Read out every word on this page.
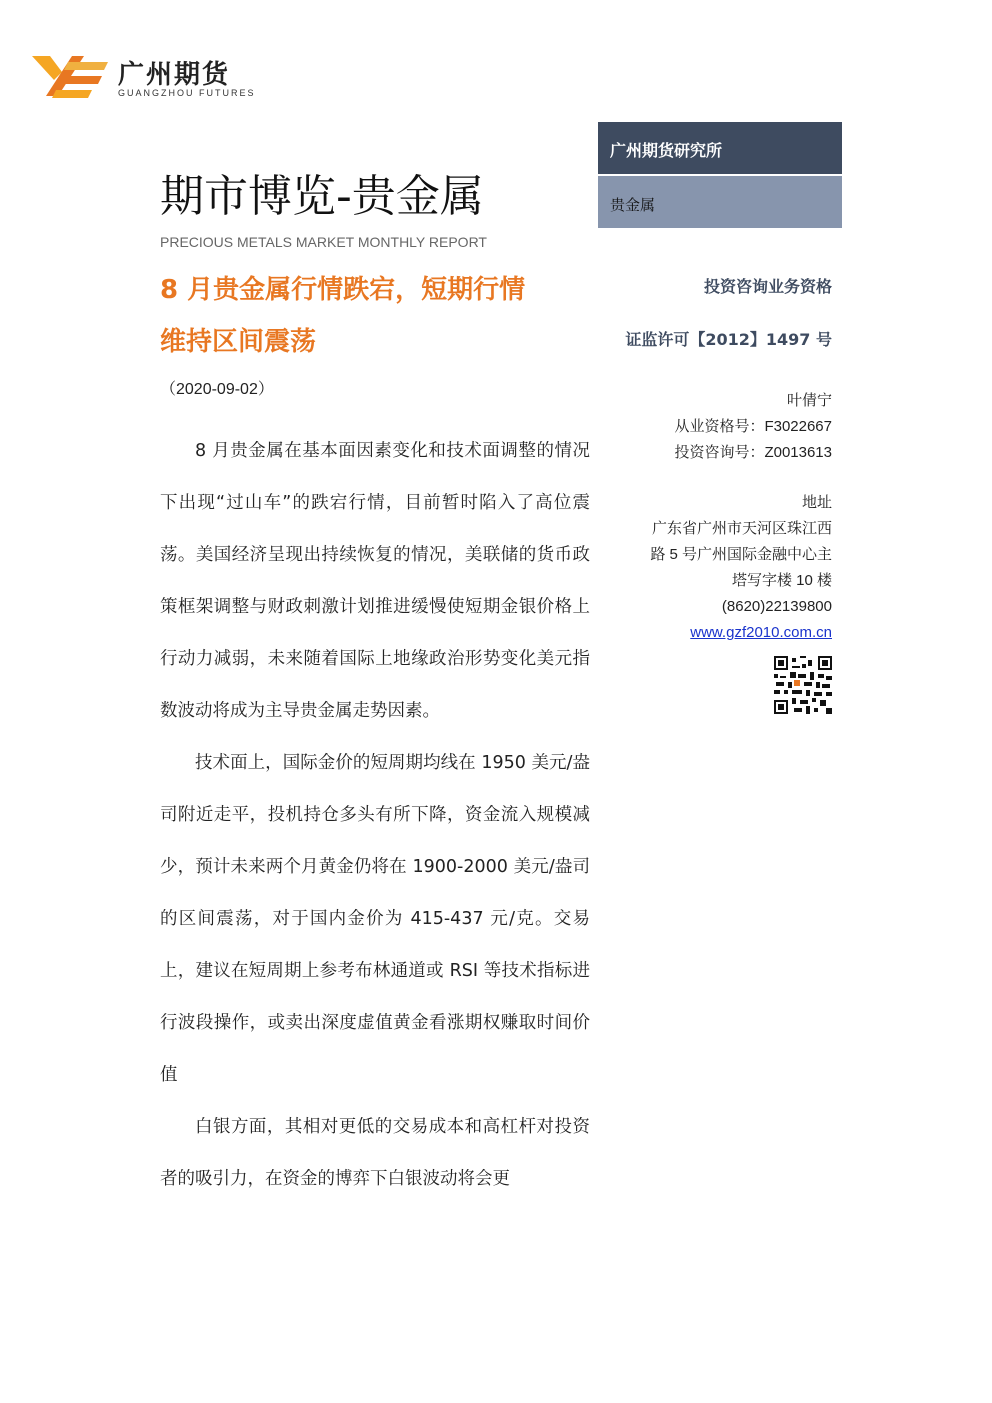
广州期货
GUANGZHOU FUTURES
广州期货研究所
贵金属
期市博览-贵金属
PRECIOUS METALS MARKET MONTHLY REPORT
8 月贵金属行情跌宕，短期行情
维持区间震荡
（2020-09-02）
投资咨询业务资格
证监许可【2012】1497 号
叶倩宁
从业资格号：F3022667
投资咨询号：Z0013613
地址
广东省广州市天河区珠江西
路 5 号广州国际金融中心主
塔写字楼 10 楼
(8620)22139800
www.gzf2010.com.cn

8 月贵金属在基本面因素变化和技术面调整的情况下出现“过山车”的跌宕行情，目前暂时陷入了高位震荡。美国经济呈现出持续恢复的情况，美联储的货币政策框架调整与财政刺激计划推进缓慢使短期金银价格上行动力减弱，未来随着国际上地缘政治形势变化美元指数波动将成为主导贵金属走势因素。

技术面上，国际金价的短周期均线在 1950 美元/盎司附近走平，投机持仓多头有所下降，资金流入规模减少，预计未来两个月黄金仍将在 1900-2000 美元/盎司的区间震荡，对于国内金价为 415-437 元/克。交易上，建议在短周期上参考布林通道或 RSI 等技术指标进行波段操作，或卖出深度虚值黄金看涨期权赚取时间价值

白银方面，其相对更低的交易成本和高杠杆对投资者的吸引力，在资金的博弈下白银波动将会更
